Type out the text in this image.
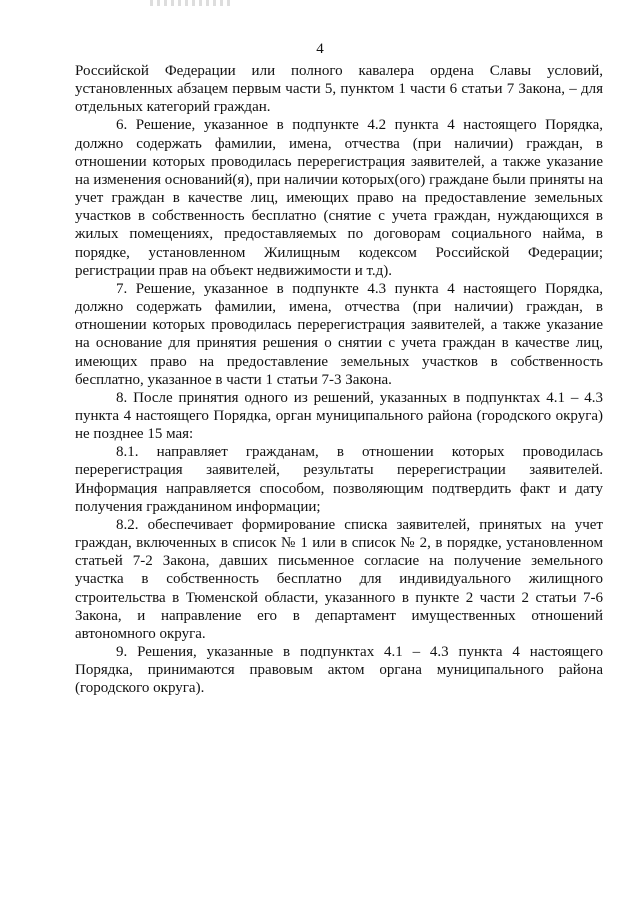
4

Российской Федерации или полного кавалера ордена Славы условий, установленных абзацем первым части 5, пунктом 1 части 6 статьи 7 Закона, – для отдельных категорий граждан.

6. Решение, указанное в подпункте 4.2 пункта 4 настоящего Порядка, должно содержать фамилии, имена, отчества (при наличии) граждан, в отношении которых проводилась перерегистрация заявителей, а также указание на изменения оснований(я), при наличии которых(ого) граждане были приняты на учет граждан в качестве лиц, имеющих право на предоставление земельных участков в собственность бесплатно (снятие с учета граждан, нуждающихся в жилых помещениях, предоставляемых по договорам социального найма, в порядке, установленном Жилищным кодексом Российской Федерации; регистрации прав на объект недвижимости и т.д).

7. Решение, указанное в подпункте 4.3 пункта 4 настоящего Порядка, должно содержать фамилии, имена, отчества (при наличии) граждан, в отношении которых проводилась перерегистрация заявителей, а также указание на основание для принятия решения о снятии с учета граждан в качестве лиц, имеющих право на предоставление земельных участков в собственность бесплатно, указанное в части 1 статьи 7-3 Закона.

8. После принятия одного из решений, указанных в подпунктах 4.1 – 4.3 пункта 4 настоящего Порядка, орган муниципального района (городского округа) не позднее 15 мая:

8.1. направляет гражданам, в отношении которых проводилась перерегистрация заявителей, результаты перерегистрации заявителей. Информация направляется способом, позволяющим подтвердить факт и дату получения гражданином информации;

8.2. обеспечивает формирование списка заявителей, принятых на учет граждан, включенных в список № 1 или в список № 2, в порядке, установленном статьей 7-2 Закона, давших письменное согласие на получение земельного участка в собственность бесплатно для индивидуального жилищного строительства в Тюменской области, указанного в пункте 2 части 2 статьи 7-6 Закона, и направление его в департамент имущественных отношений автономного округа.

9. Решения, указанные в подпунктах 4.1 – 4.3 пункта 4 настоящего Порядка, принимаются правовым актом органа муниципального района (городского округа).
